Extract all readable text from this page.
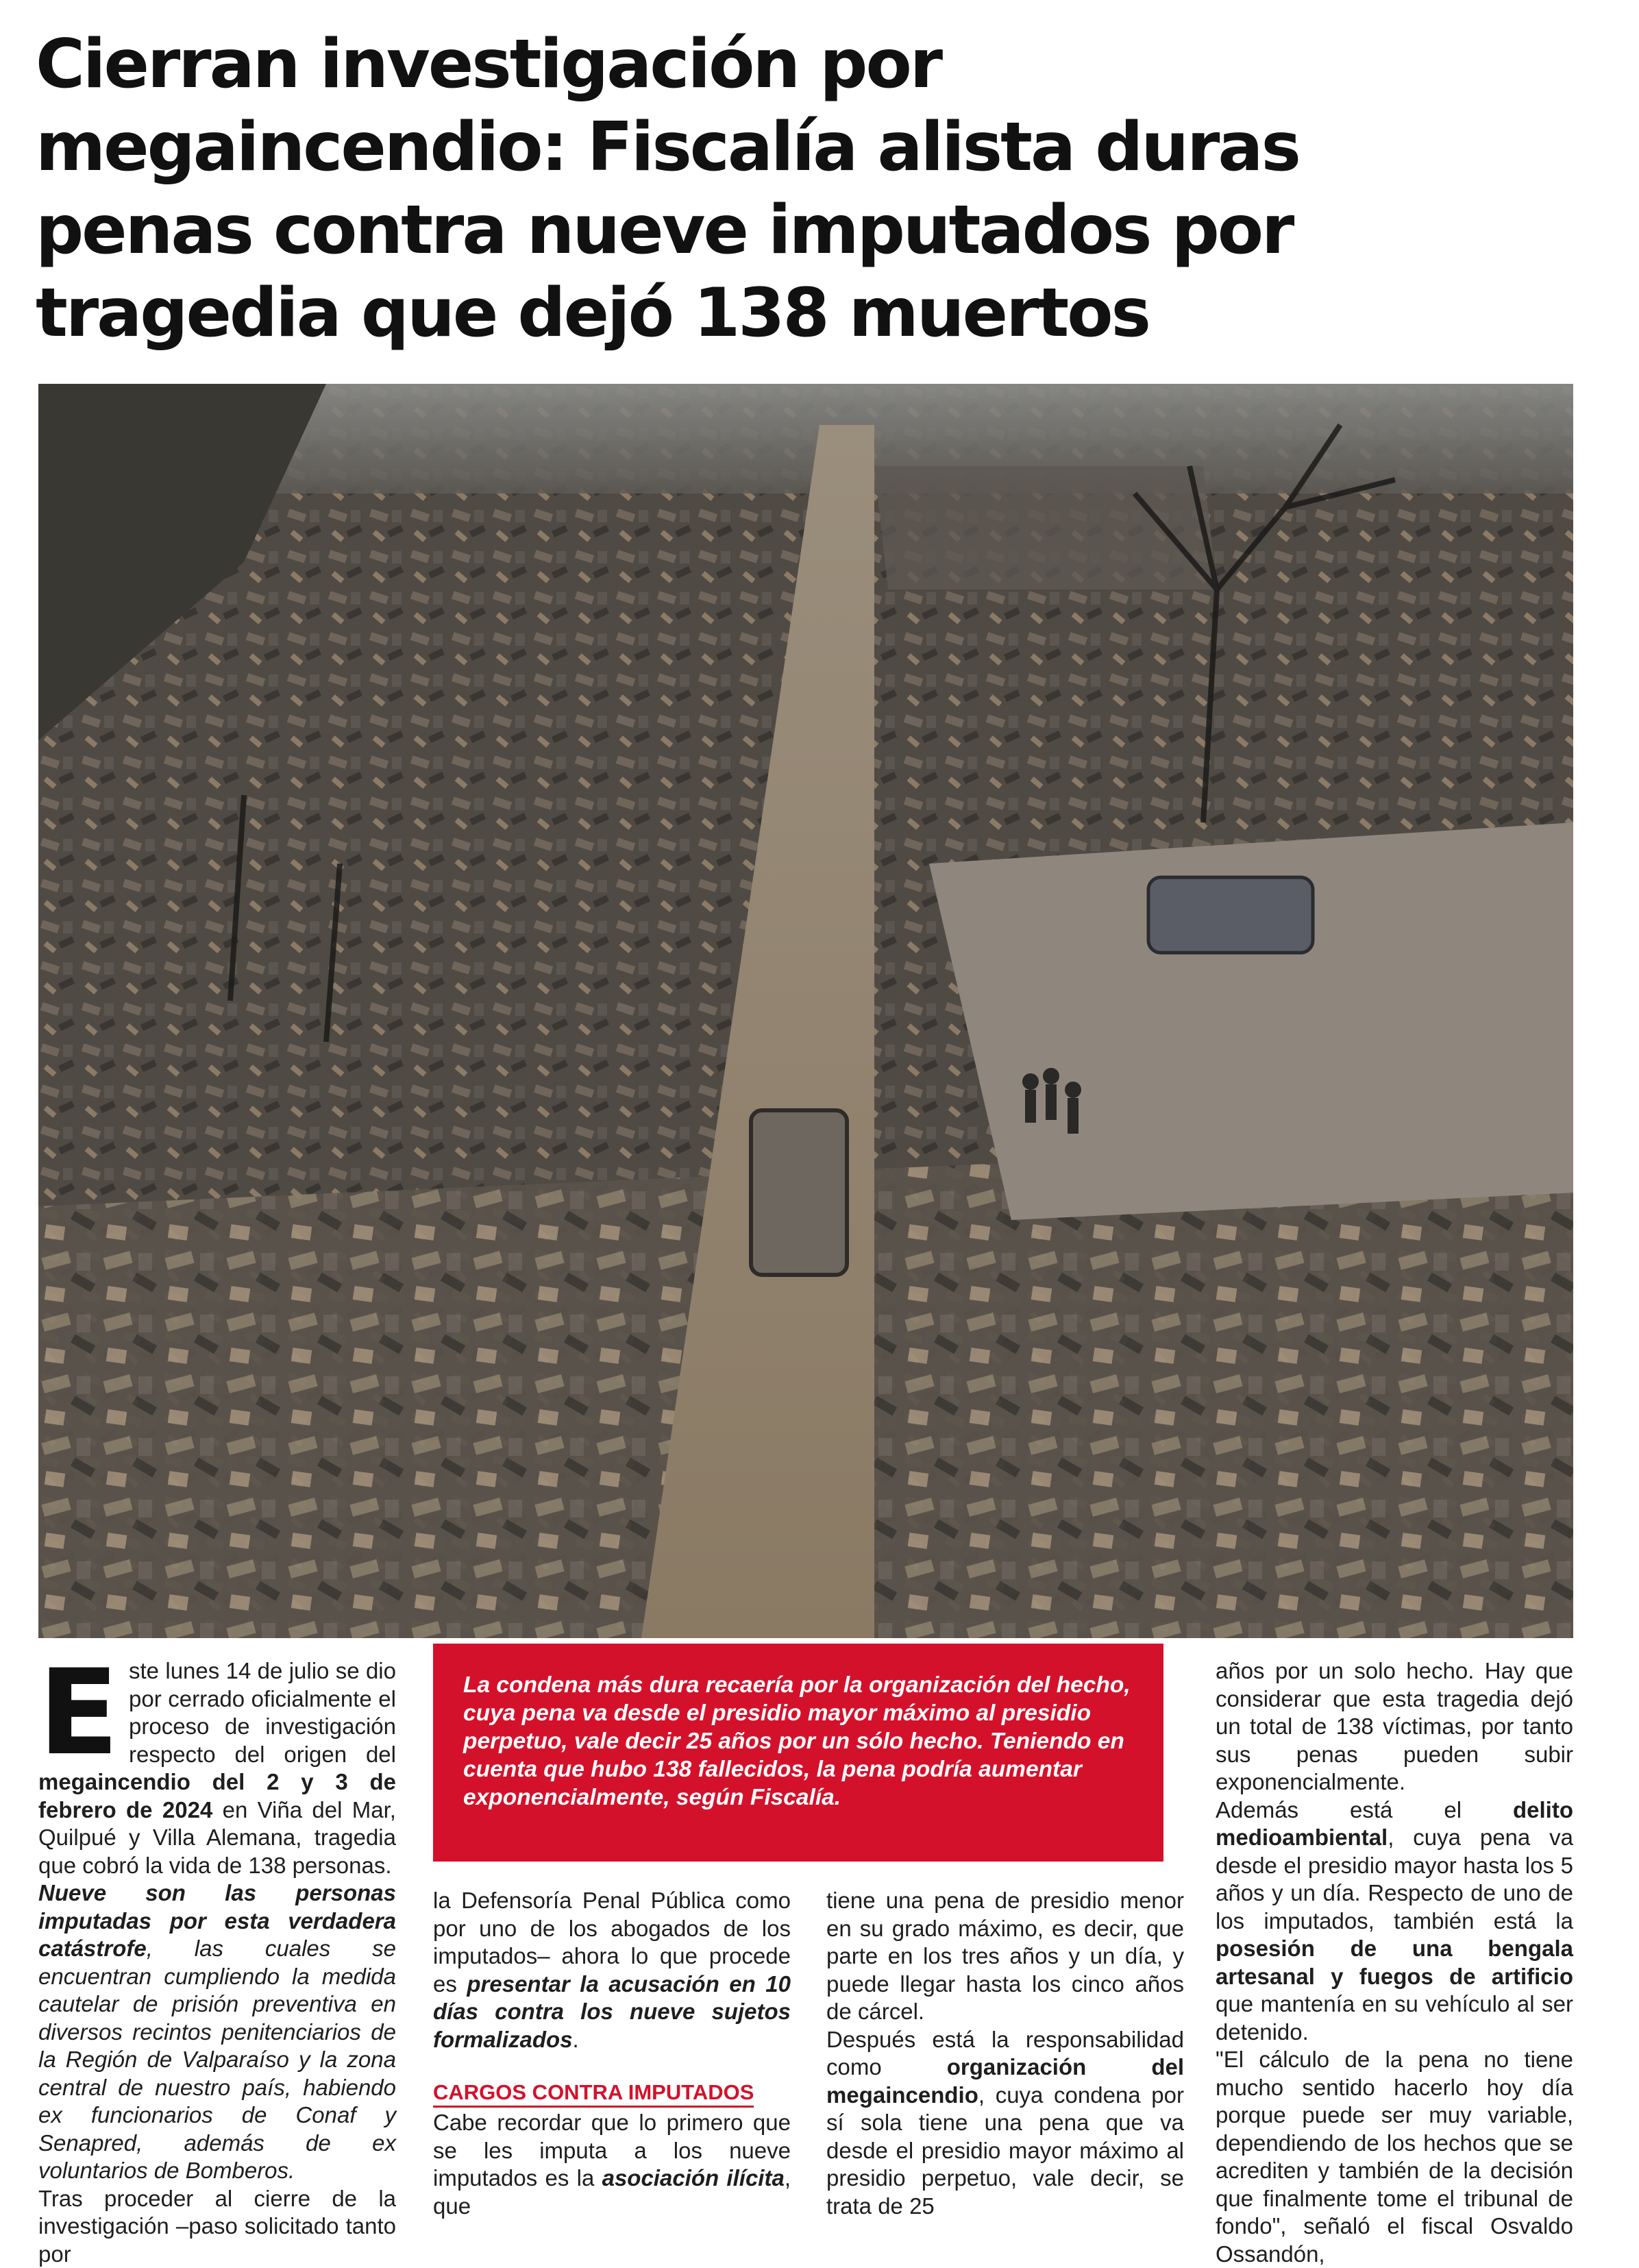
Cierran investigación por
megaincendio: Fiscalía alista duras
penas contra nueve imputados por
tragedia que dejó 138 muertos
E ste lunes 14 de julio se dio por cerrado oficialmente el proceso de investigación respecto del origen del megaincendio del 2 y 3 de febrero de 2024 en Viña del Mar, Quilpué y Villa Alemana, tragedia que cobró la vida de 138 personas.

Nueve son las personas imputadas por esta verdadera catástrofe, las cuales se encuentran cumpliendo la medida cautelar de prisión preventiva en diversos recintos penitenciarios de la Región de Valparaíso y la zona central de nuestro país, habiendo ex funcionarios de Conaf y Senapred, además de ex voluntarios de Bomberos.

Tras proceder al cierre de la investigación –paso solicitado tanto por

La condena más dura recaería por la organización del hecho, cuya pena va desde el presidio mayor máximo al presidio perpetuo, vale decir 25 años por un sólo hecho. Teniendo en cuenta que hubo 138 fallecidos, la pena podría aumentar exponencialmente, según Fiscalía.

la Defensoría Penal Pública como por uno de los abogados de los imputados– ahora lo que procede es presentar la acusación en 10 días contra los nueve sujetos formalizados.

CARGOS CONTRA IMPUTADOS

Cabe recordar que lo primero que se les imputa a los nueve imputados es la asociación ilícita, que

tiene una pena de presidio menor en su grado máximo, es decir, que parte en los tres años y un día, y puede llegar hasta los cinco años de cárcel.

Después está la responsabilidad como organización del megaincendio, cuya condena por sí sola tiene una pena que va desde el presidio mayor máximo al presidio perpetuo, vale decir, se trata de 25

años por un solo hecho. Hay que considerar que esta tragedia dejó un total de 138 víctimas, por tanto sus penas pueden subir exponencialmente.

Además está el delito medioambiental, cuya pena va desde el presidio mayor hasta los 5 años y un día. Respecto de uno de los imputados, también está la posesión de una bengala artesanal y fuegos de artificio que mantenía en su vehículo al ser detenido.

"El cálculo de la pena no tiene mucho sentido hacerlo hoy día porque puede ser muy variable, dependiendo de los hechos que se acrediten y también de la decisión que finalmente tome el tribunal de fondo", señaló el fiscal Osvaldo Ossandón,
